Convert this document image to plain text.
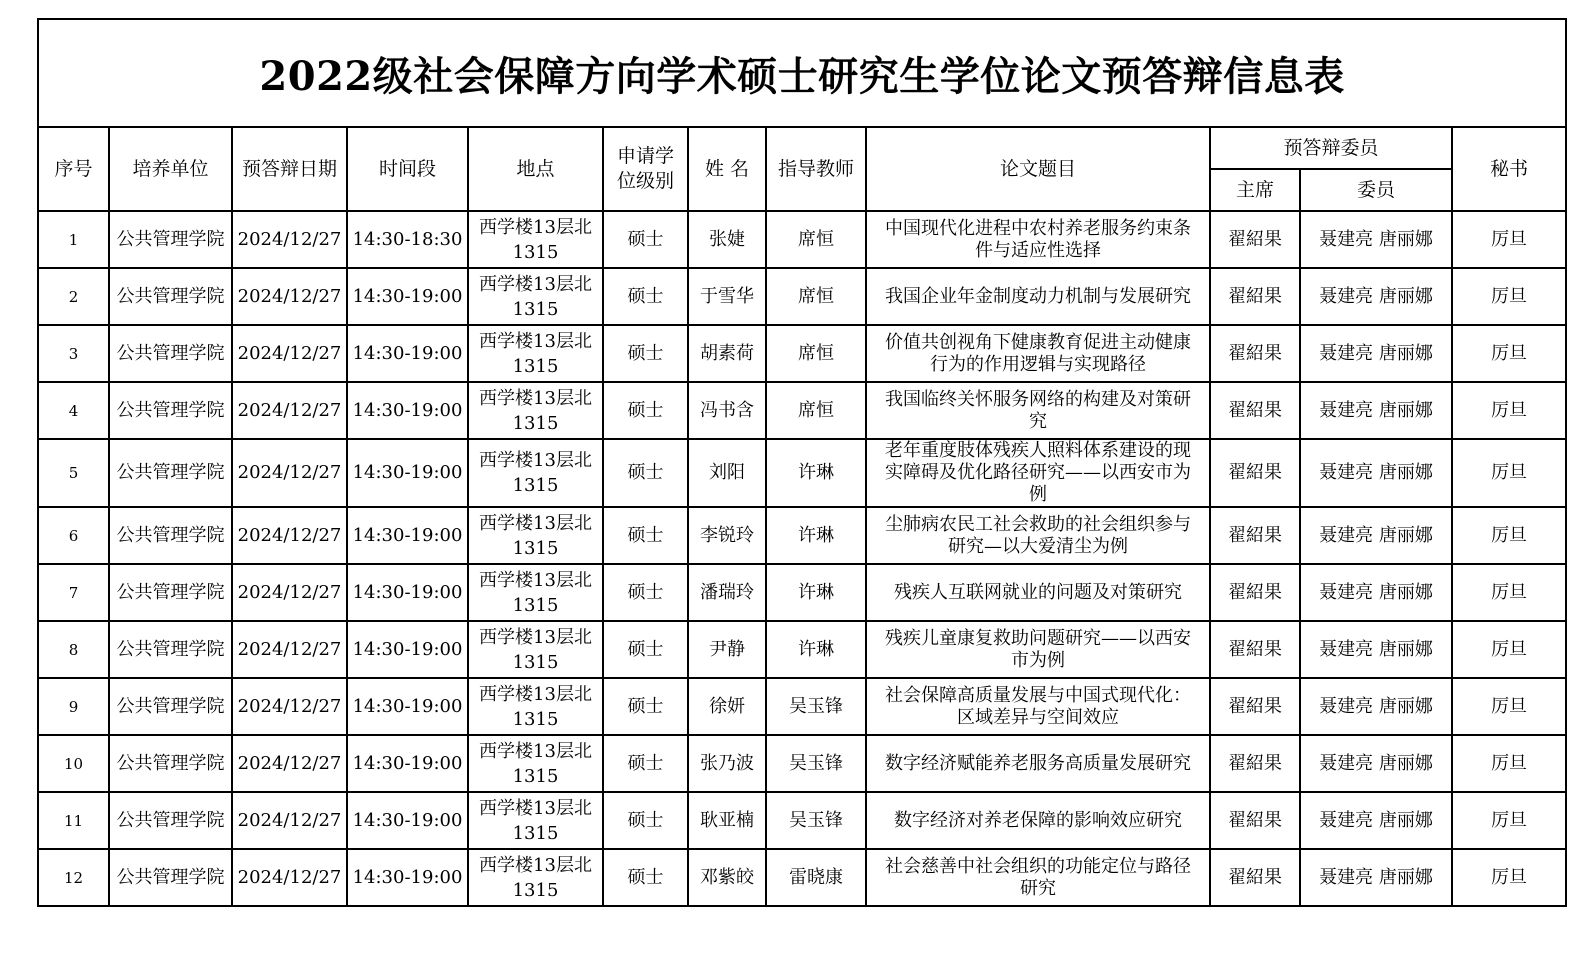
2022级社会保障方向学术硕士研究生学位论文预答辩信息表											
序号	培养单位	预答辩日期	时间段	地点	申请学位级别	姓 名	指导教师	论文题目	预答辩委员		秘书
									主席	委员	
1	公共管理学院	2024/12/27	14:30-18:30	西学楼13层北1315	硕士	张婕	席恒	中国现代化进程中农村养老服务约束条件与适应性选择	翟紹果	聂建亮 唐丽娜	厉旦
2	公共管理学院	2024/12/27	14:30-19:00	西学楼13层北1315	硕士	于雪华	席恒	我国企业年金制度动力机制与发展研究	翟紹果	聂建亮 唐丽娜	厉旦
3	公共管理学院	2024/12/27	14:30-19:00	西学楼13层北1315	硕士	胡素荷	席恒	价值共创视角下健康教育促进主动健康行为的作用逻辑与实现路径	翟紹果	聂建亮 唐丽娜	厉旦
4	公共管理学院	2024/12/27	14:30-19:00	西学楼13层北1315	硕士	冯书含	席恒	我国临终关怀服务网络的构建及对策研究	翟紹果	聂建亮 唐丽娜	厉旦
5	公共管理学院	2024/12/27	14:30-19:00	西学楼13层北1315	硕士	刘阳	许琳	老年重度肢体残疾人照料体系建设的现实障碍及优化路径研究——以西安市为例	翟紹果	聂建亮 唐丽娜	厉旦
6	公共管理学院	2024/12/27	14:30-19:00	西学楼13层北1315	硕士	李锐玲	许琳	尘肺病农民工社会救助的社会组织参与研究—以大爱清尘为例	翟紹果	聂建亮 唐丽娜	厉旦
7	公共管理学院	2024/12/27	14:30-19:00	西学楼13层北1315	硕士	潘瑞玲	许琳	残疾人互联网就业的问题及对策研究	翟紹果	聂建亮 唐丽娜	厉旦
8	公共管理学院	2024/12/27	14:30-19:00	西学楼13层北1315	硕士	尹静	许琳	残疾儿童康复救助问题研究——以西安市为例	翟紹果	聂建亮 唐丽娜	厉旦
9	公共管理学院	2024/12/27	14:30-19:00	西学楼13层北1315	硕士	徐妍	吴玉锋	社会保障高质量发展与中国式现代化：区域差异与空间效应	翟紹果	聂建亮 唐丽娜	厉旦
10	公共管理学院	2024/12/27	14:30-19:00	西学楼13层北1315	硕士	张乃波	吴玉锋	数字经济赋能养老服务高质量发展研究	翟紹果	聂建亮 唐丽娜	厉旦
11	公共管理学院	2024/12/27	14:30-19:00	西学楼13层北1315	硕士	耿亚楠	吴玉锋	数字经济对养老保障的影响效应研究	翟紹果	聂建亮 唐丽娜	厉旦
12	公共管理学院	2024/12/27	14:30-19:00	西学楼13层北1315	硕士	邓紫皎	雷晓康	社会慈善中社会组织的功能定位与路径研究	翟紹果	聂建亮 唐丽娜	厉旦
